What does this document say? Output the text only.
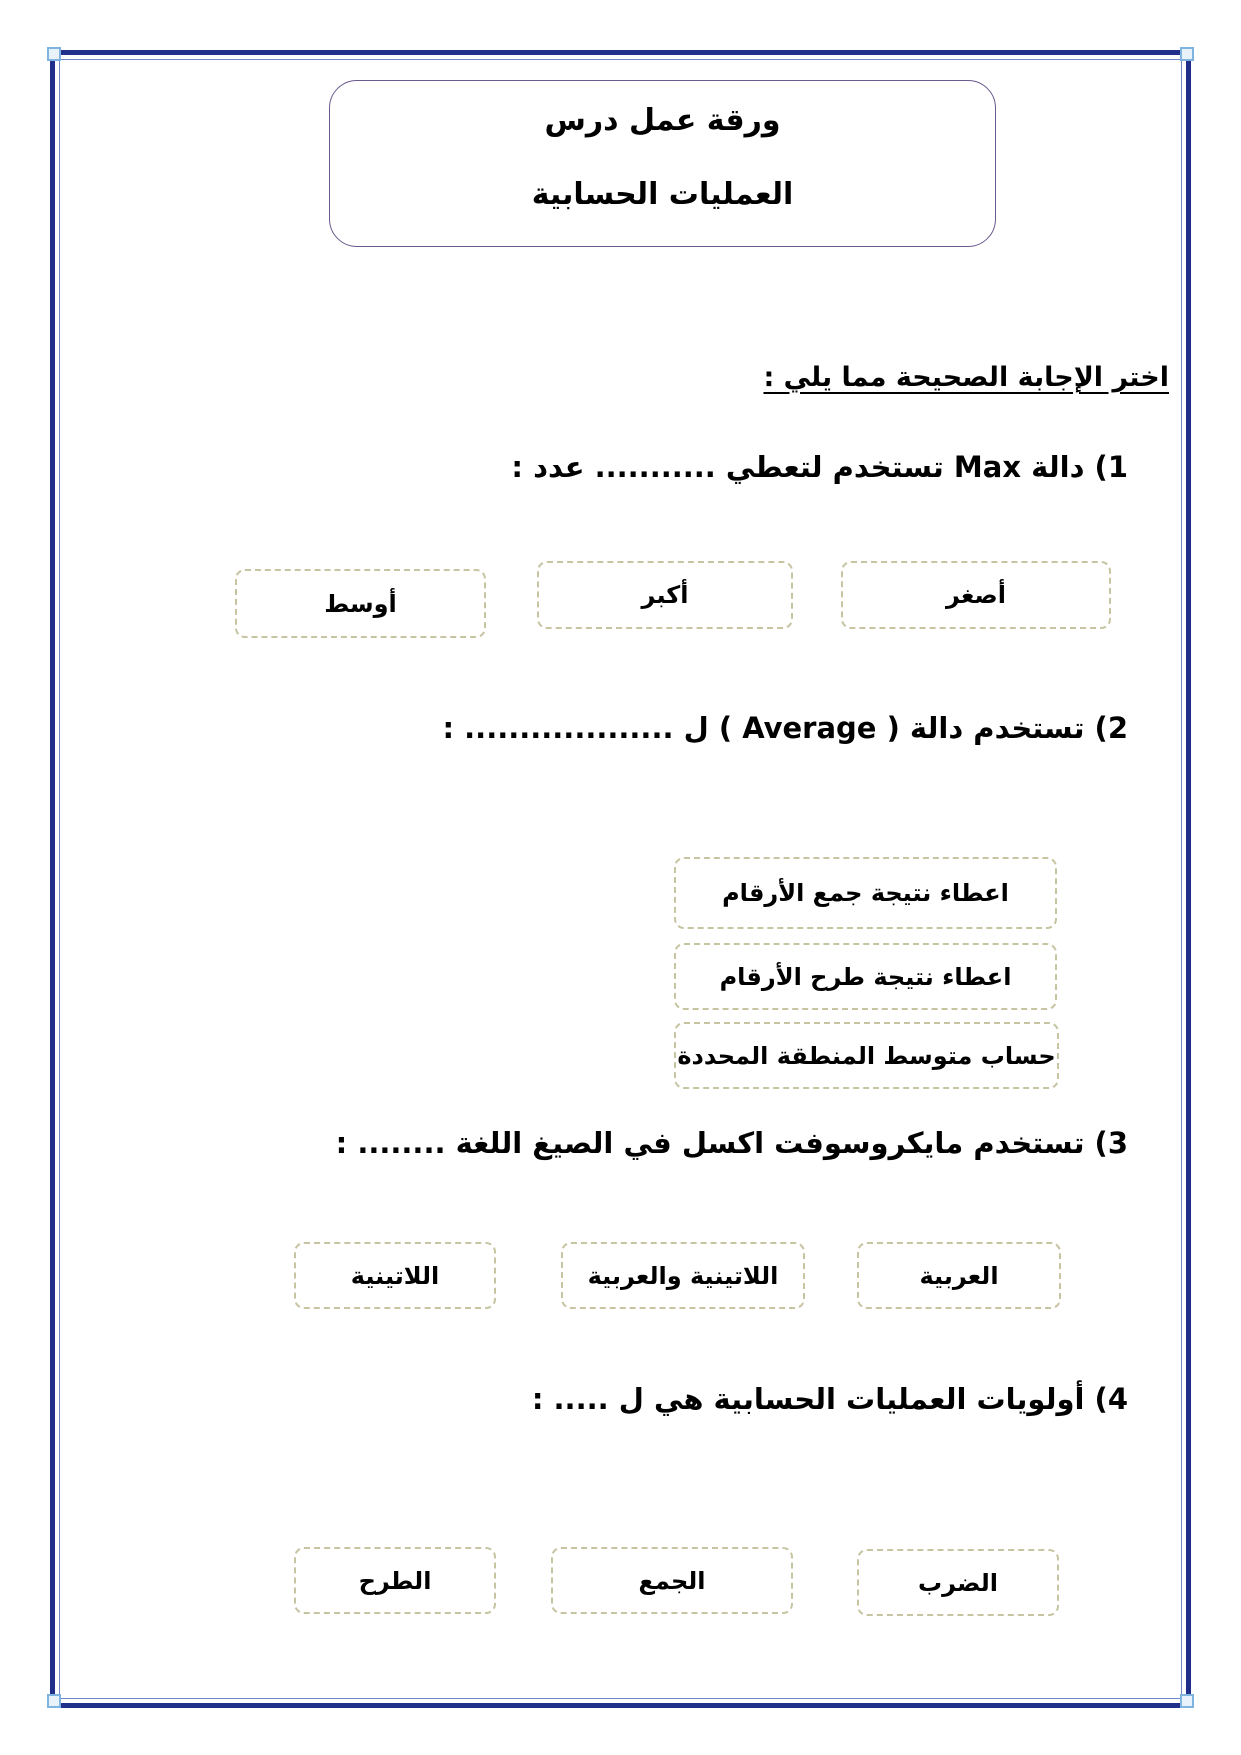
ورقة عمل درس
العمليات الحسابية
اختر الإجابة الصحيحة مما يلي :
1) دالة Max تستخدم لتعطي ........... عدد :
أصغر
أكبر
أوسط
2) تستخدم دالة ( Average ) ل ................... :
اعطاء نتيجة جمع الأرقام
اعطاء نتيجة طرح الأرقام
حساب متوسط المنطقة المحددة
3) تستخدم مايكروسوفت اكسل في الصيغ اللغة ........ :
العربية
اللاتينية والعربية
اللاتينية
4) أولويات العمليات الحسابية هي ل ..... :
الضرب
الجمع
الطرح
